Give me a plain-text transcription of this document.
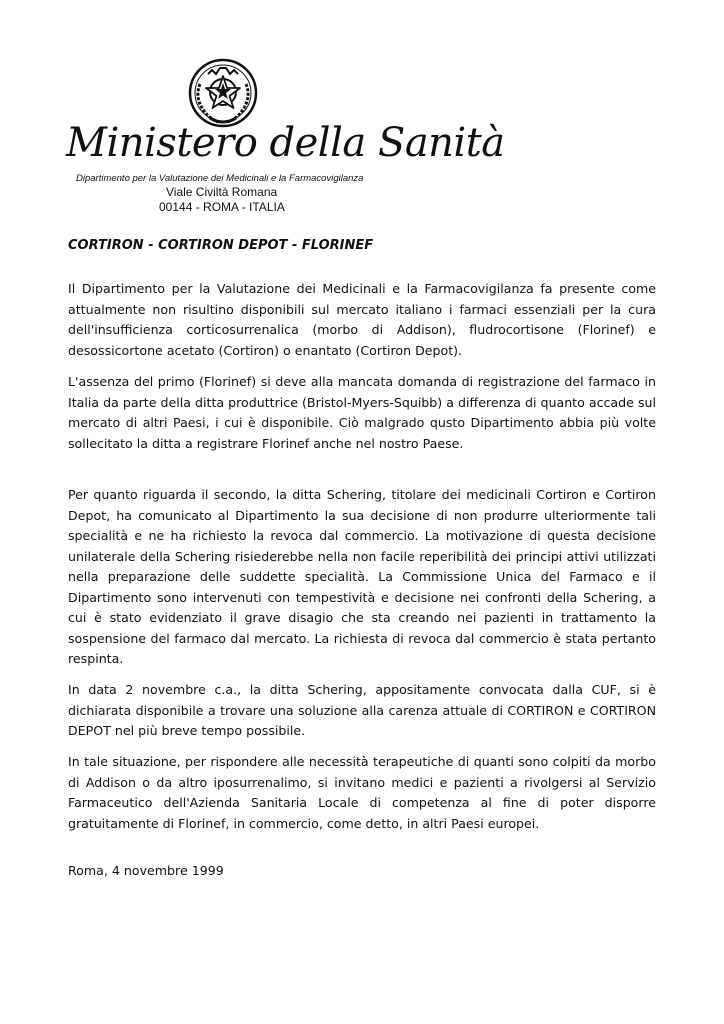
Ministero della Sanità
Dipartimento per la Valutazione dei Medicinali e la Farmacovigilanza
Viale Civiltà Romana
00144 - ROMA - ITALIA
CORTIRON - CORTIRON DEPOT - FLORINEF

Il Dipartimento per la Valutazione dei Medicinali e la Farmacovigilanza fa presente come attualmente non risultino disponibili sul mercato italiano i farmaci essenziali per la cura dell'insufficienza corticosurrenalica (morbo di Addison), fludrocortisone (Florinef) e desossicortone acetato (Cortiron) o enantato (Cortiron Depot).

L'assenza del primo (Florinef) si deve alla mancata domanda di registrazione del farmaco in Italia da parte della ditta produttrice (Bristol-Myers-Squibb) a differenza di quanto accade sul mercato di altri Paesi, i cui è disponibile. Ciò malgrado qusto Dipartimento abbia più volte sollecitato la ditta a registrare Florinef anche nel nostro Paese.

Per quanto riguarda il secondo, la ditta Schering, titolare dei medicinali Cortiron e Cortiron Depot, ha comunicato al Dipartimento la sua decisione di non produrre ulteriormente tali specialità e ne ha richiesto la revoca dal commercio. La motivazione di questa decisione unilaterale della Schering risiederebbe nella non facile reperibilità dei principi attivi utilizzati nella preparazione delle suddette specialità. La Commissione Unica del Farmaco e il Dipartimento sono intervenuti con tempestività e decisione nei confronti della Schering, a cui è stato evidenziato il grave disagio che sta creando nei pazienti in trattamento la sospensione del farmaco dal mercato. La richiesta di revoca dal commercio è stata pertanto respinta.

In data 2 novembre c.a., la ditta Schering, appositamente convocata dalla CUF, si è dichiarata disponibile a trovare una soluzione alla carenza attuale di CORTIRON e CORTIRON DEPOT nel più breve tempo possibile.

In tale situazione, per rispondere alle necessità terapeutiche di quanti sono colpiti da morbo di Addison o da altro iposurrenalimo, si invitano medici e pazienti a rivolgersi al Servizio Farmaceutico dell'Azienda Sanitaria Locale di competenza al fine di poter disporre gratuitamente di Florinef, in commercio, come detto, in altri Paesi europei.

Roma, 4 novembre 1999
